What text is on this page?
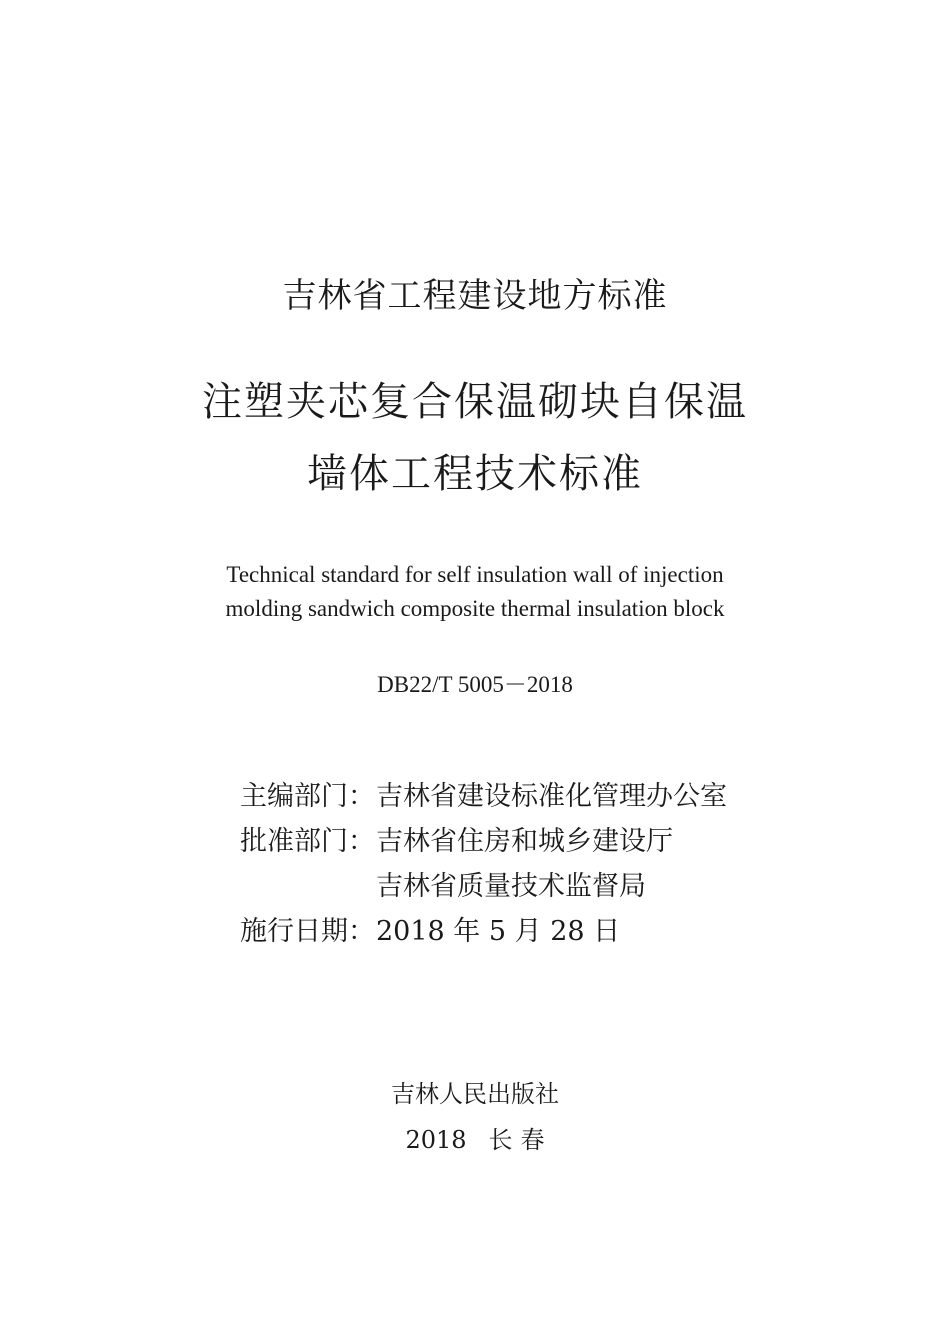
吉林省工程建设地方标准
注塑夹芯复合保温砌块自保温
墙体工程技术标准
Technical standard for self insulation wall of injection
molding sandwich composite thermal insulation block
DB22/T 5005－2018
主编部门： 吉林省建设标准化管理办公室
批准部门： 吉林省住房和城乡建设厅
吉林省质量技术监督局
施行日期： 2018 年 5 月 28 日
吉林人民出版社
2018 长 春
